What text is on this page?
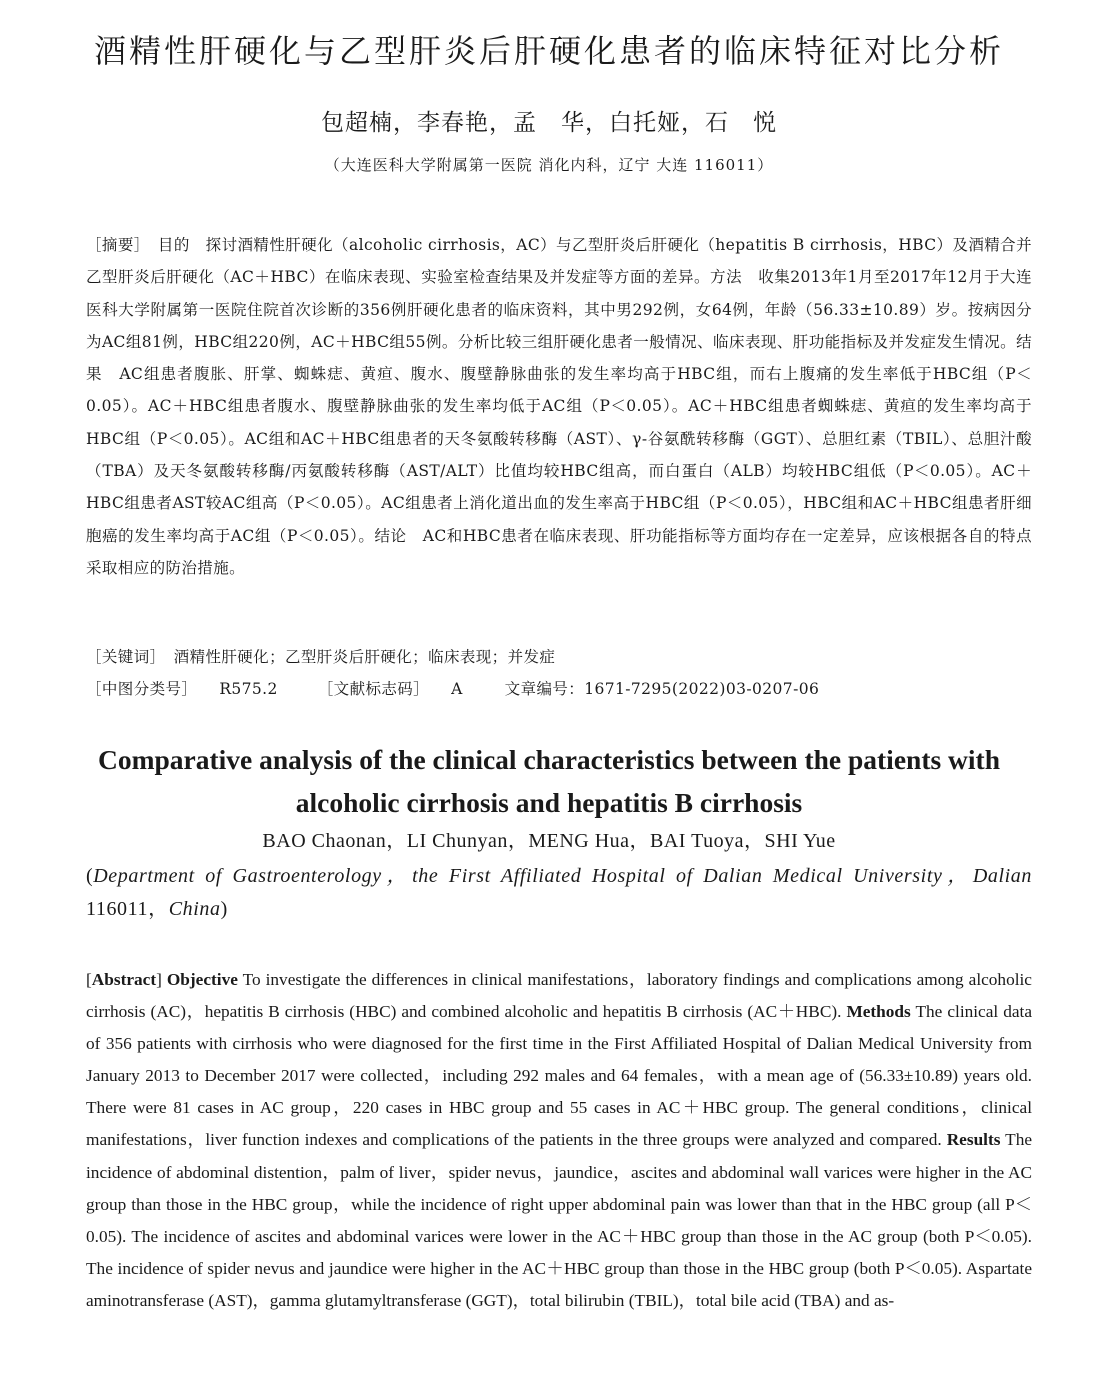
酒精性肝硬化与乙型肝炎后肝硬化患者的临床特征对比分析
包超楠，李春艳，孟　华，白托娅，石　悦
（大连医科大学附属第一医院 消化内科，辽宁 大连 116011）

［摘要］　 目的　探讨酒精性肝硬化（alcoholic cirrhosis，AC）与乙型肝炎后肝硬化（hepatitis B cirrhosis，HBC）及酒精合并乙型肝炎后肝硬化（AC＋HBC）在临床表现、实验室检查结果及并发症等方面的差异。方法　收集2013年1月至2017年12月于大连医科大学附属第一医院住院首次诊断的356例肝硬化患者的临床资料，其中男292例，女64例，年龄（56.33±10.89）岁。按病因分为AC组81例，HBC组220例，AC＋HBC组55例。分析比较三组肝硬化患者一般情况、临床表现、肝功能指标及并发症发生情况。结果　AC组患者腹胀、肝掌、蜘蛛痣、黄疸、腹水、腹壁静脉曲张的发生率均高于HBC组，而右上腹痛的发生率低于HBC组（P＜0.05）。AC＋HBC组患者腹水、腹壁静脉曲张的发生率均低于AC组（P＜0.05）。AC＋HBC组患者蜘蛛痣、黄疸的发生率均高于HBC组（P＜0.05）。AC组和AC＋HBC组患者的天冬氨酸转移酶（AST）、γ-谷氨酰转移酶（GGT）、总胆红素（TBIL）、总胆汁酸（TBA）及天冬氨酸转移酶/丙氨酸转移酶（AST/ALT）比值均较HBC组高，而白蛋白（ALB）均较HBC组低（P＜0.05）。AC＋HBC组患者AST较AC组高（P＜0.05）。AC组患者上消化道出血的发生率高于HBC组（P＜0.05），HBC组和AC＋HBC组患者肝细胞癌的发生率均高于AC组（P＜0.05）。结论　AC和HBC患者在临床表现、肝功能指标等方面均存在一定差异，应该根据各自的特点采取相应的防治措施。

［关键词］　 酒精性肝硬化；乙型肝炎后肝硬化；临床表现；并发症
［中图分类号］ R575.2	［文献标志码］ A	文章编号：1671-7295(2022)03-0207-06
Comparative analysis of the clinical characteristics between the patients with alcoholic cirrhosis and hepatitis B cirrhosis
BAO Chaonan，LI Chunyan，MENG Hua，BAI Tuoya，SHI Yue
(Department of Gastroenterology，the First Affiliated Hospital of Dalian Medical University，Dalian 116011，China)

[Abstract] Objective To investigate the differences in clinical manifestations，laboratory findings and complications among alcoholic cirrhosis (AC)，hepatitis B cirrhosis (HBC) and combined alcoholic and hepatitis B cirrhosis (AC＋HBC). Methods The clinical data of 356 patients with cirrhosis who were diagnosed for the first time in the First Affiliated Hospital of Dalian Medical University from January 2013 to December 2017 were collected，including 292 males and 64 females，with a mean age of (56.33±10.89) years old. There were 81 cases in AC group，220 cases in HBC group and 55 cases in AC＋HBC group. The general conditions，clinical manifestations，liver function indexes and complications of the patients in the three groups were analyzed and compared. Results The incidence of abdominal distention，palm of liver，spider nevus，jaundice，ascites and abdominal wall varices were higher in the AC group than those in the HBC group，while the incidence of right upper abdominal pain was lower than that in the HBC group (all P＜0.05). The incidence of ascites and abdominal varices were lower in the AC＋HBC group than those in the AC group (both P＜0.05). The incidence of spider nevus and jaundice were higher in the AC＋HBC group than those in the HBC group (both P＜0.05). Aspartate aminotransferase (AST)，gamma glutamyltransferase (GGT)，total bilirubin (TBIL)，total bile acid (TBA) and as-
